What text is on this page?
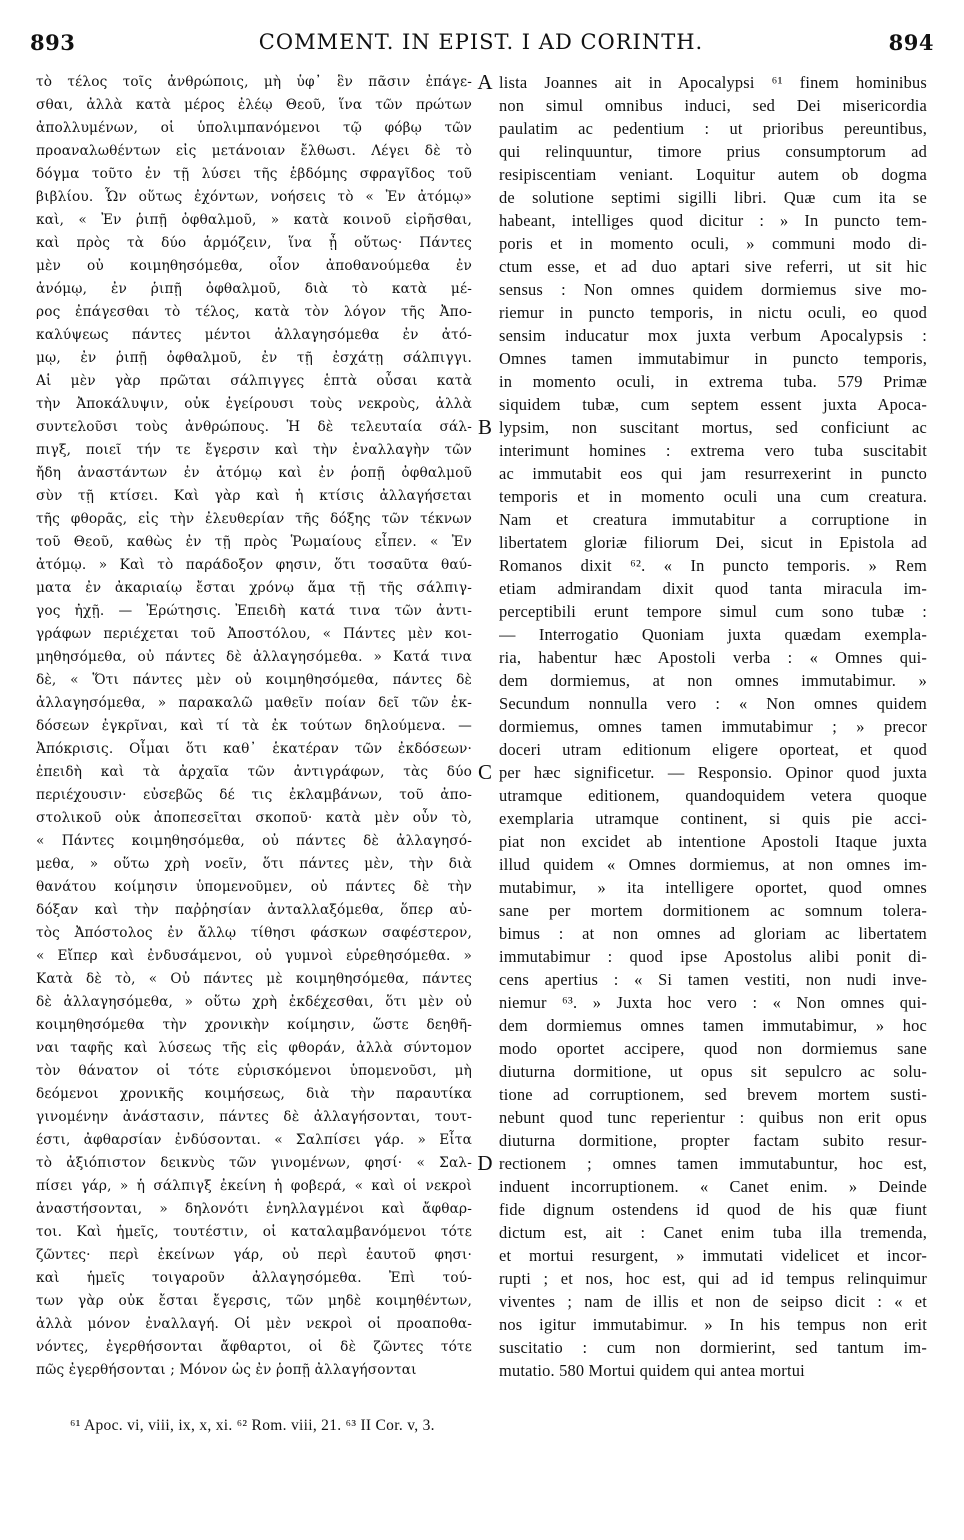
893	COMMENT. IN EPIST. I AD CORINTH.	894
τὸ τέλος τοῖς ἀνθρώποις, μὴ ὑφ᾽ ἓν πᾶσιν ἐπάγε-
σθαι, ἀλλὰ κατὰ μέρος ἐλέῳ Θεοῦ, ἵνα τῶν πρώτων
ἀπολλυμένων, οἱ ὑπολιμπανόμενοι τῷ φόβῳ τῶν
προαναλωθέντων εἰς μετάνοιαν ἔλθωσι. Λέγει δὲ τὸ
δόγμα τοῦτο ἐν τῇ λύσει τῆς ἑβδόμης σφραγῖδος τοῦ
βιβλίου. Ὧν οὕτως ἐχόντων, νοήσεις τὸ « Ἐν ἀτόμῳ»
καὶ, « Ἐν ῥιπῇ ὀφθαλμοῦ, » κατὰ κοινοῦ εἰρῆσθαι,
καὶ πρὸς τὰ δύο ἁρμόζειν, ἵνα ᾖ οὕτως· Πάντες
μὲν οὐ κοιμηθησόμεθα, οἷον ἀποθανούμεθα ἐν
ἀνόμῳ, ἐν ῥιπῇ ὀφθαλμοῦ, διὰ τὸ κατὰ μέ-
ρος ἐπάγεσθαι τὸ τέλος, κατὰ τὸν λόγον τῆς Ἀπο-
καλύψεως πάντες μέντοι ἀλλαγησόμεθα ἐν ἀτό-
μῳ, ἐν ῥιπῇ ὀφθαλμοῦ, ἐν τῇ ἐσχάτῃ σάλπιγγι.
Αἱ μὲν γὰρ πρῶται σάλπιγγες ἑπτὰ οὖσαι κατὰ
τὴν Ἀποκάλυψιν, οὐκ ἐγείρουσι τοὺς νεκροὺς, ἀλλὰ
συντελοῦσι τοὺς ἀνθρώπους. Ἡ δὲ τελευταία σάλ-
πιγξ, ποιεῖ τήν τε ἔγερσιν καὶ τὴν ἐναλλαγὴν τῶν
ἤδη ἀναστάντων ἐν ἀτόμῳ καὶ ἐν ῥοπῇ ὀφθαλμοῦ
σὺν τῇ κτίσει. Καὶ γὰρ καὶ ἡ κτίσις ἀλλαγήσεται
τῆς φθορᾶς, εἰς τὴν ἐλευθερίαν τῆς δόξης τῶν τέκνων
τοῦ Θεοῦ, καθὼς ἐν τῇ πρὸς Ῥωμαίους εἶπεν. « Ἐν
ἀτόμῳ. » Καὶ τὸ παράδοξον φησιν, ὅτι τοσαῦτα θαύ-
ματα ἐν ἀκαριαίῳ ἔσται χρόνῳ ἅμα τῇ τῆς σάλπιγ-
γος ἠχῇ. — Ἐρώτησις. Ἐπειδὴ κατά τινα τῶν ἀντι-
γράφων περιέχεται τοῦ Ἀποστόλου, « Πάντες μὲν κοι-
μηθησόμεθα, οὐ πάντες δὲ ἀλλαγησόμεθα. » Κατά τινα
δὲ, « Ὅτι πάντες μὲν οὐ κοιμηθησόμεθα, πάντες δὲ
ἀλλαγησόμεθα, » παρακαλῶ μαθεῖν ποίαν δεῖ τῶν ἐκ-
δόσεων ἐγκρῖναι, καὶ τί τὰ ἐκ τούτων δηλούμενα. —
Ἀπόκρισις. Οἶμαι ὅτι καθ᾽ ἑκατέραν τῶν ἐκδόσεων·
ἐπειδὴ καὶ τὰ ἀρχαῖα τῶν ἀντιγράφων, τὰς δύο
περιέχουσιν· εὐσεβῶς δέ τις ἐκλαμβάνων, τοῦ ἀπο-
στολικοῦ οὐκ ἀποπεσεῖται σκοποῦ· κατὰ μὲν οὖν τὸ,
« Πάντες κοιμηθησόμεθα, οὐ πάντες δὲ ἀλλαγησό-
μεθα, » οὕτω χρὴ νοεῖν, ὅτι πάντες μὲν, τὴν διὰ
θανάτου κοίμησιν ὑπομενοῦμεν, οὐ πάντες δὲ τὴν
δόξαν καὶ τὴν παῤῥησίαν ἀνταλλαξόμεθα, ὅπερ αὐ-
τὸς Ἀπόστολος ἐν ἄλλῳ τίθησι φάσκων σαφέστερον,
« Εἴπερ καὶ ἐνδυσάμενοι, οὐ γυμνοὶ εὑρεθησόμεθα. »
Κατὰ δὲ τὸ, « Οὐ πάντες μὲ κοιμηθησόμεθα, πάντες
δὲ ἀλλαγησόμεθα, » οὕτω χρὴ ἐκδέχεσθαι, ὅτι μὲν οὐ
κοιμηθησόμεθα τὴν χρονικὴν κοίμησιν, ὥστε δεηθῆ-
ναι ταφῆς καὶ λύσεως τῆς εἰς φθοράν, ἀλλὰ σύντομον
τὸν θάνατον οἱ τότε εὑρισκόμενοι ὑπομενοῦσι, μὴ
δεόμενοι χρονικῆς κοιμήσεως, διὰ τὴν παραυτίκα
γινομένην ἀνάστασιν, πάντες δὲ ἀλλαγήσονται, τουτ-
έστι, ἀφθαρσίαν ἐνδύσονται. « Σαλπίσει γάρ. » Εἶτα
τὸ ἀξιόπιστον δεικνὺς τῶν γινομένων, φησί· « Σαλ-
πίσει γάρ, » ἡ σάλπιγξ ἐκείνη ἡ φοβερά, « καὶ οἱ νεκροὶ
ἀναστήσονται, » δηλονότι ἐνηλλαγμένοι καὶ ἄφθαρ-
τοι. Καὶ ἡμεῖς, τουτέστιν, οἱ καταλαμβανόμενοι τότε
ζῶντες· περὶ ἐκείνων γάρ, οὐ περὶ ἑαυτοῦ φησι·
καὶ ἡμεῖς τοιγαροῦν ἀλλαγησόμεθα. Ἐπὶ τού-
των γὰρ οὐκ ἔσται ἔγερσις, τῶν μηδὲ κοιμηθέντων,
ἀλλὰ μόνον ἐναλλαγή. Οἱ μὲν νεκροὶ οἱ προαποθα-
νόντες, ἐγερθήσονται ἄφθαρτοι, οἱ δὲ ζῶντες τότε
πῶς ἐγερθήσονται ; Μόνον ὡς ἐν ῥοπῇ ἀλλαγήσονται
A
B
C
D
lista Joannes ait in Apocalypsi ⁶¹ finem hominibus
non simul omnibus induci, sed Dei misericordia
paulatim ac pedentium : ut prioribus pereuntibus,
qui relinquuntur, timore prius consumptorum ad
resipiscentiam veniant. Loquitur autem ob dogma
de solutione septimi sigilli libri. Quæ cum ita se
habeant, intelliges quod dicitur : » In puncto tem-
poris et in momento oculi, » communi modo di-
ctum esse, et ad duo aptari sive referri, ut sit hic
sensus : Non omnes quidem dormiemus sive mo-
riemur in puncto temporis, in nictu oculi, eo quod
sensim inducatur mox juxta verbum Apocalypsis :
Omnes tamen immutabimur in puncto temporis,
in momento oculi, in extrema tuba. 579 Primæ
siquidem tubæ, cum septem essent juxta Apoca-
lypsim, non suscitant mortus, sed conficiunt ac
interimunt homines : extrema vero tuba suscitabit
ac immutabit eos qui jam resurrexerint in puncto
temporis et in momento oculi una cum creatura.
Nam et creatura immutabitur a corruptione in
libertatem gloriæ filiorum Dei, sicut in Epistola ad
Romanos dixit ⁶². « In puncto temporis. » Rem
etiam admirandam dixit quod tanta miracula im-
perceptibili erunt tempore simul cum sono tubæ :
— Interrogatio Quoniam juxta quædam exempla-
ria, habentur hæc Apostoli verba : « Omnes qui-
dem dormiemus, at non omnes immutabimur. »
Secundum nonnulla vero : « Non omnes quidem
dormiemus, omnes tamen immutabimur ; » precor
doceri utram editionum eligere oporteat, et quod
per hæc significetur. — Responsio. Opinor quod juxta
utramque editionem, quandoquidem vetera quoque
exemplaria utramque continent, si quis pie acci-
piat non excidet ab intentione Apostoli Itaque juxta
illud quidem « Omnes dormiemus, at non omnes im-
mutabimur, » ita intelligere oportet, quod omnes
sane per mortem dormitionem ac somnum tolera-
bimus : at non omnes ad gloriam ac libertatem
immutabimur : quod ipse Apostolus alibi ponit di-
cens apertius : « Si tamen vestiti, non nudi inve-
niemur ⁶³. » Juxta hoc vero : « Non omnes qui-
dem dormiemus omnes tamen immutabimur, » hoc
modo oportet accipere, quod non dormiemus sane
diuturna dormitione, ut opus sit sepulcro ac solu-
tione ad corruptionem, sed brevem mortem susti-
nebunt quod tunc reperientur : quibus non erit opus
diuturna dormitione, propter factam subito resur-
rectionem ; omnes tamen immutabuntur, hoc est,
induent incorruptionem. « Canet enim. » Deinde
fide dignum ostendens id quod de his quæ fiunt
dictum est, ait : Canet enim tuba illa tremenda,
et mortui resurgent, » immutati videlicet et incor-
rupti ; et nos, hoc est, qui ad id tempus relinquimur
viventes ; nam de illis et non de seipso dicit : « et
nos igitur immutabimur. » In his tempus non erit
suscitatio : cum non dormierint, sed tantum im-
mutatio. 580 Mortui quidem qui antea mortui
⁶¹ Apoc. vi, viii, ix, x, xi. ⁶² Rom. viii, 21. ⁶³ II Cor. v, 3.
